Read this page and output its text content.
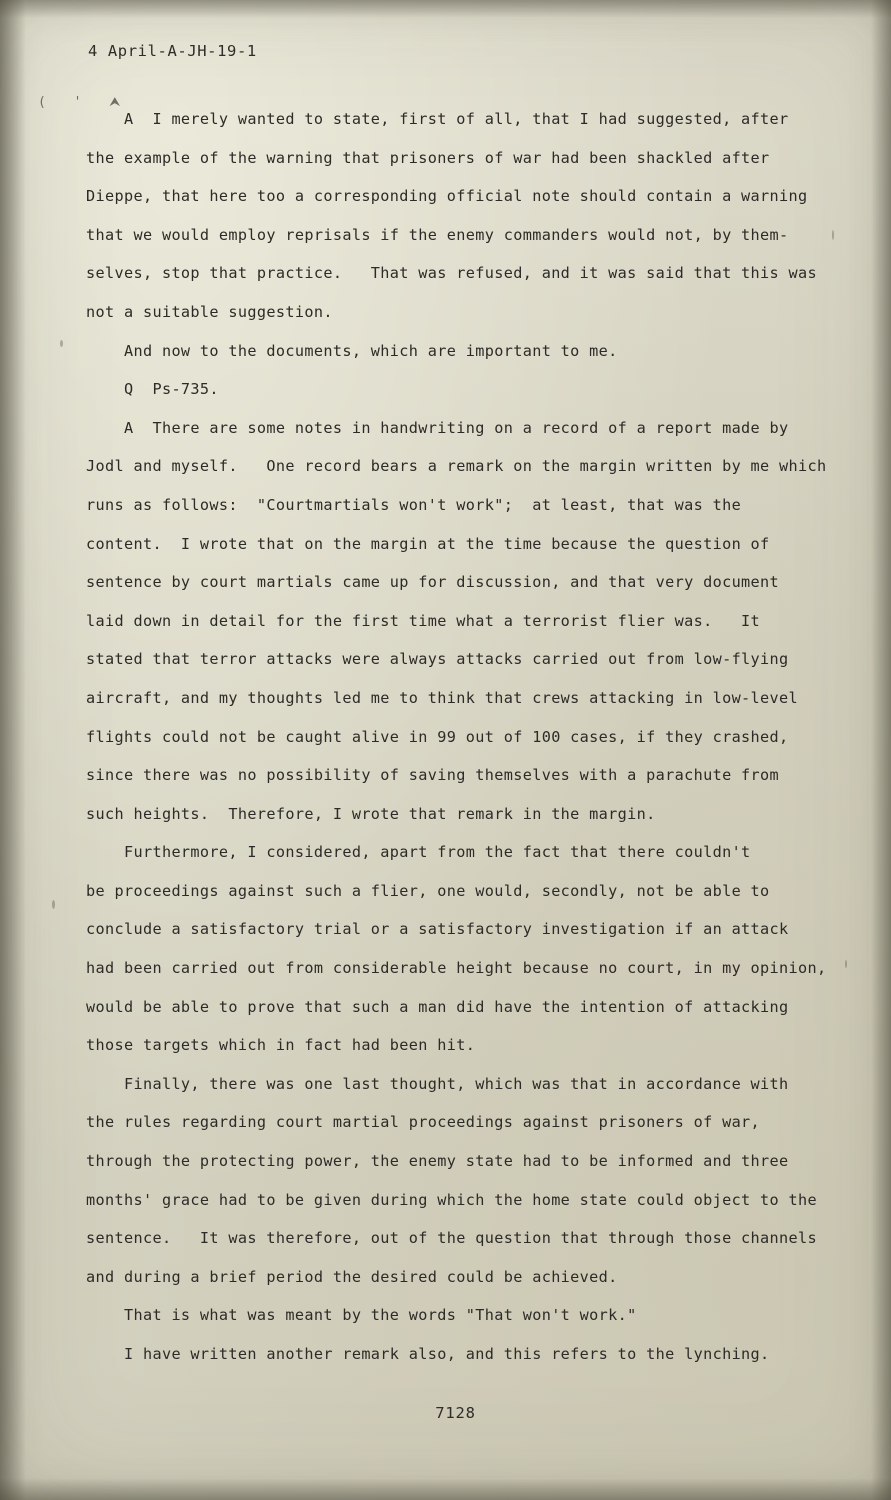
4 April-A-JH-19-1
( ' ⮝

A  I merely wanted to state, first of all, that I had suggested, after
the example of the warning that prisoners of war had been shackled after
Dieppe, that here too a corresponding official note should contain a warning
that we would employ reprisals if the enemy commanders would not, by them-
selves, stop that practice.   That was refused, and it was said that this was
not a suitable suggestion.

And now to the documents, which are important to me.

Q  Ps-735.

A  There are some notes in handwriting on a record of a report made by
Jodl and myself.   One record bears a remark on the margin written by me which
runs as follows:  "Courtmartials won't work";  at least, that was the
content.  I wrote that on the margin at the time because the question of
sentence by court martials came up for discussion, and that very document
laid down in detail for the first time what a terrorist flier was.   It
stated that terror attacks were always attacks carried out from low-flying
aircraft, and my thoughts led me to think that crews attacking in low-level
flights could not be caught alive in 99 out of 100 cases, if they crashed,
since there was no possibility of saving themselves with a parachute from
such heights.  Therefore, I wrote that remark in the margin.

Furthermore, I considered, apart from the fact that there couldn't
be proceedings against such a flier, one would, secondly, not be able to
conclude a satisfactory trial or a satisfactory investigation if an attack
had been carried out from considerable height because no court, in my opinion,
would be able to prove that such a man did have the intention of attacking
those targets which in fact had been hit.

Finally, there was one last thought, which was that in accordance with
the rules regarding court martial proceedings against prisoners of war,
through the protecting power, the enemy state had to be informed and three
months' grace had to be given during which the home state could object to the
sentence.   It was therefore, out of the question that through those channels
and during a brief period the desired could be achieved.

That is what was meant by the words "That won't work."

I have written another remark also, and this refers to the lynching.

7128
